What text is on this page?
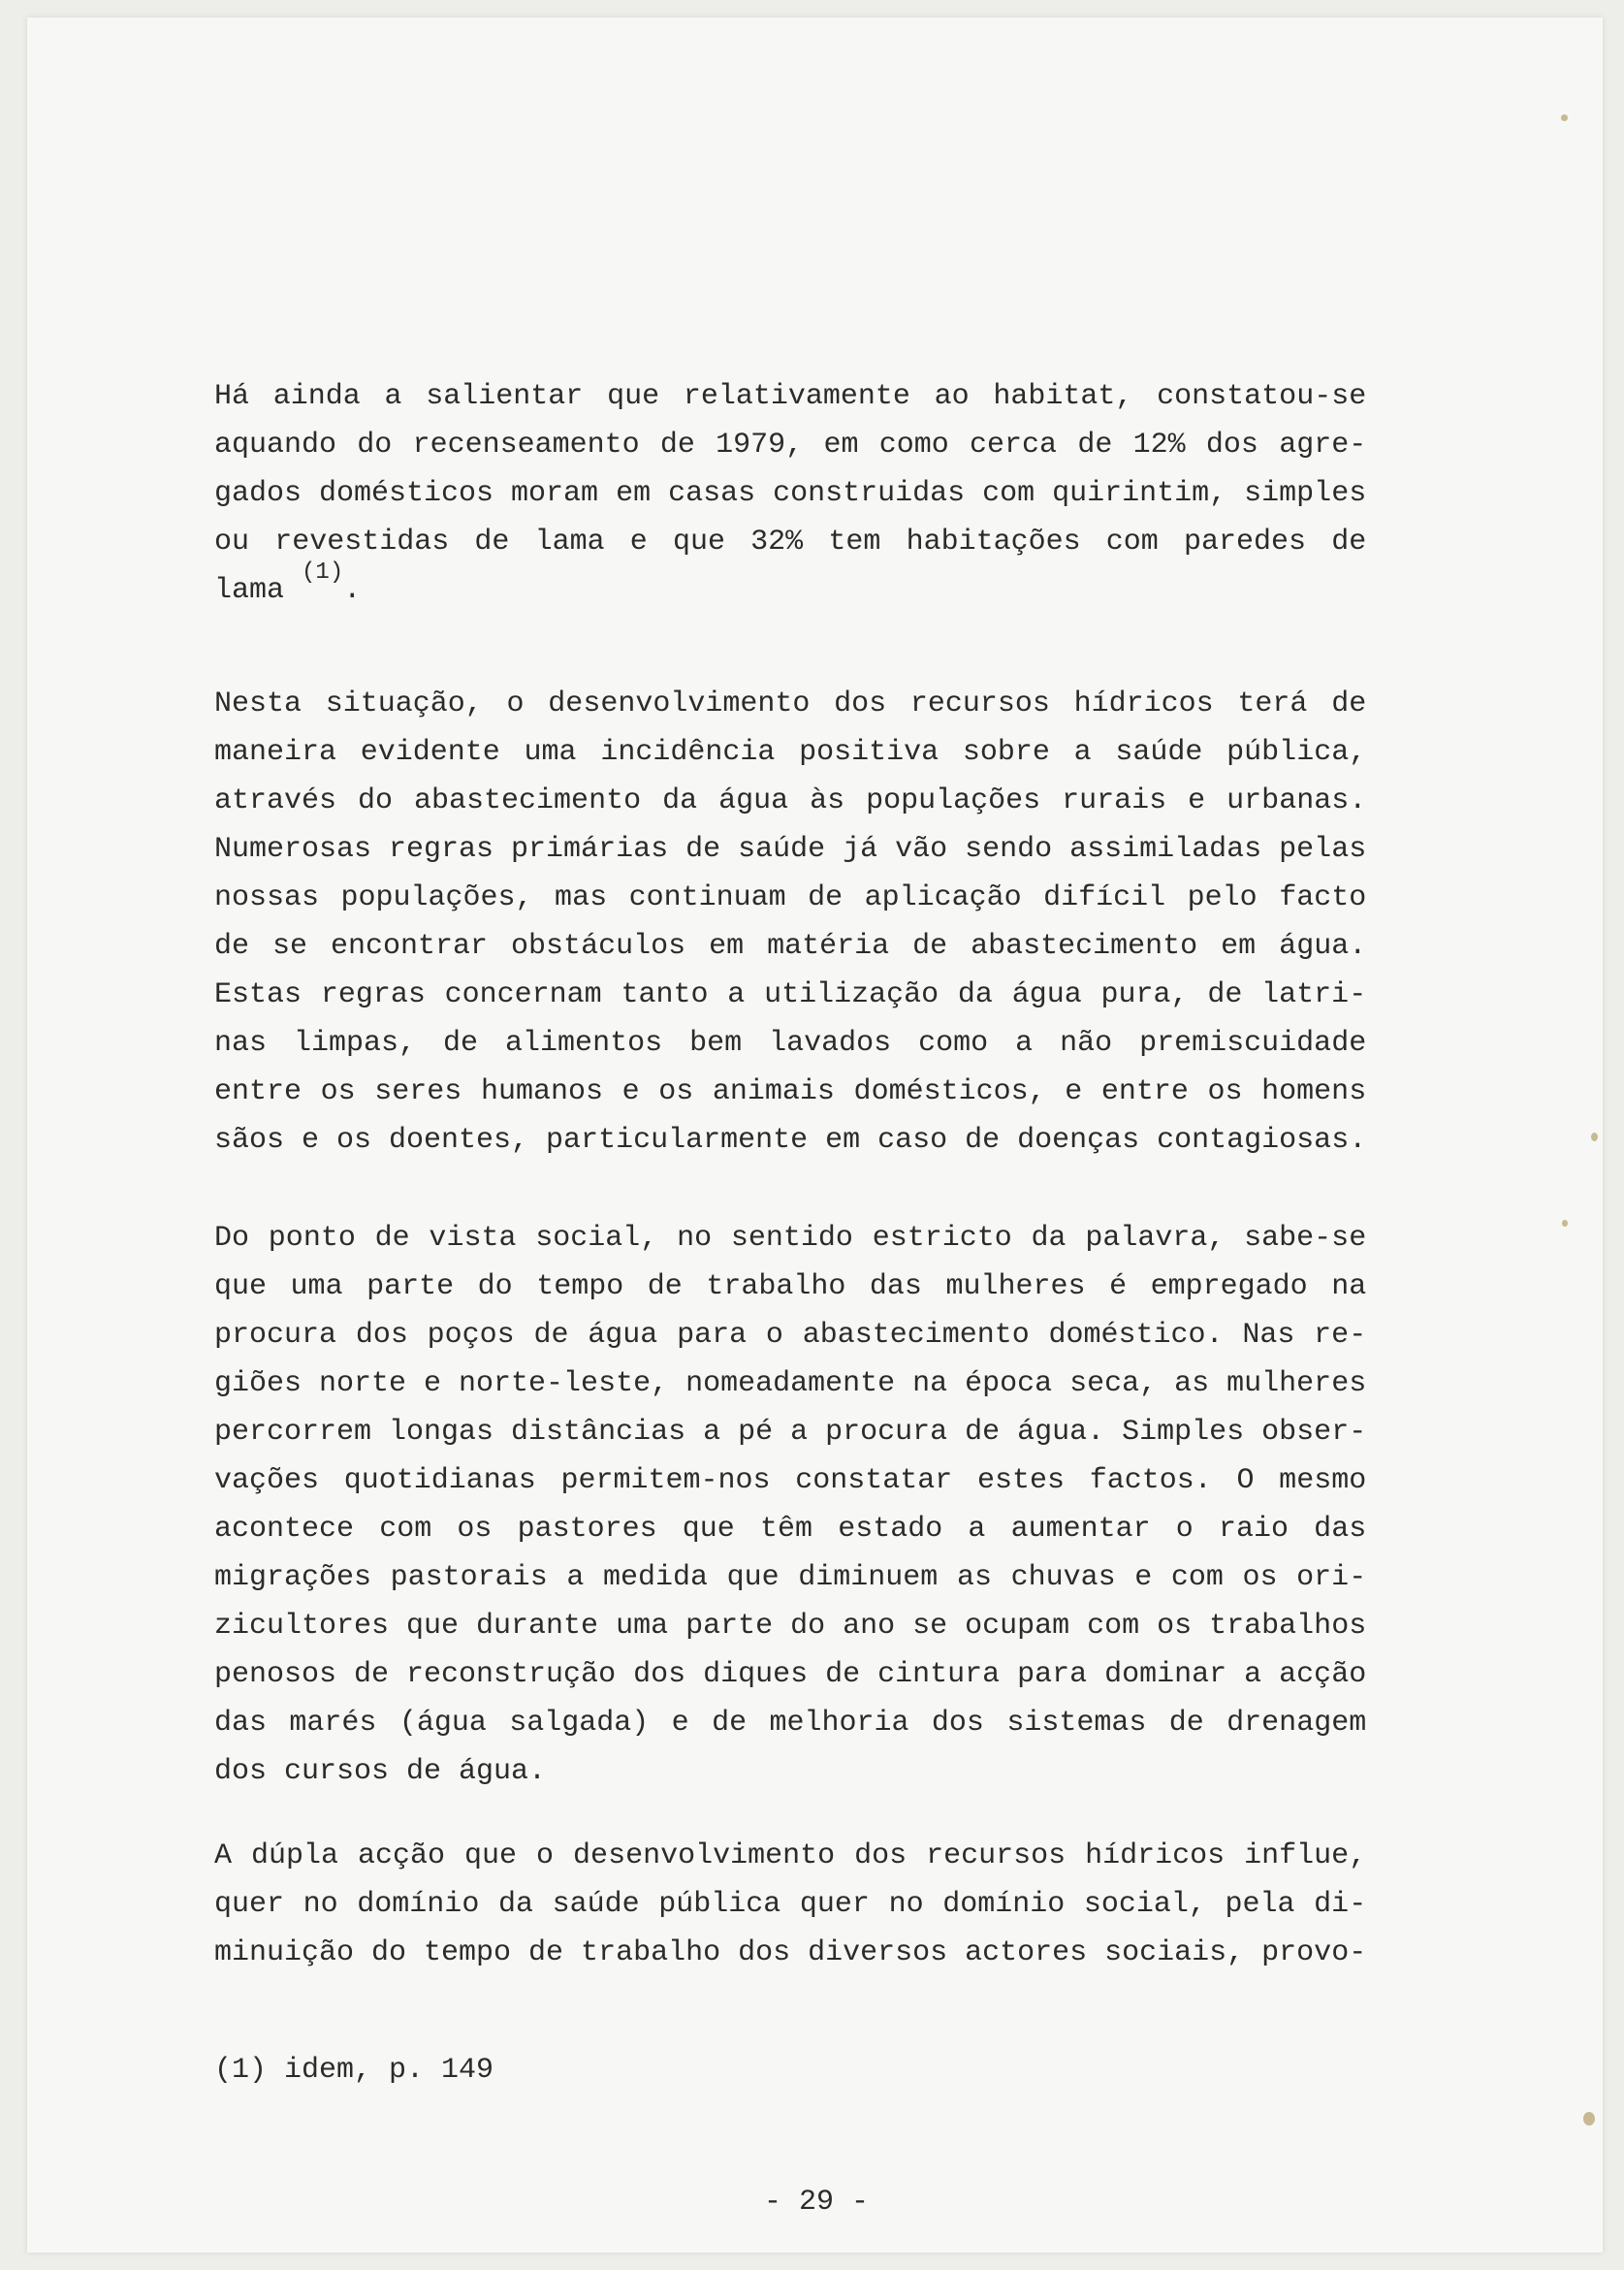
Há ainda a salientar que relativamente ao habitat, constatou-se
aquando do recenseamento de 1979, em como cerca de 12% dos agre-
gados domésticos moram em casas construidas com quirintim, simples
ou revestidas de lama e que 32% tem habitações com paredes de
lama $^{(1)}$.
Nesta situação, o desenvolvimento dos recursos hídricos terá de
maneira evidente uma incidência positiva sobre a saúde pública,
através do abastecimento da água às populações rurais e urbanas.
Numerosas regras primárias de saúde já vão sendo assimiladas pelas
nossas populações, mas continuam de aplicação difícil pelo facto
de se encontrar obstáculos em matéria de abastecimento em água.
Estas regras concernam tanto a utilização da água pura, de latri-
nas limpas, de alimentos bem lavados como a não premiscuidade
entre os seres humanos e os animais domésticos, e entre os homens
sãos e os doentes, particularmente em caso de doenças contagiosas.
Do ponto de vista social, no sentido estricto da palavra, sabe-se
que uma parte do tempo de trabalho das mulheres é empregado na
procura dos poços de água para o abastecimento doméstico. Nas re-
giões norte e norte-leste, nomeadamente na época seca, as mulheres
percorrem longas distâncias a pé a procura de água. Simples obser-
vações quotidianas permitem-nos constatar estes factos. O mesmo
acontece com os pastores que têm estado a aumentar o raio das
migrações pastorais a medida que diminuem as chuvas e com os ori-
zicultores que durante uma parte do ano se ocupam com os trabalhos
penosos de reconstrução dos diques de cintura para dominar a acção
das marés (água salgada) e de melhoria dos sistemas de drenagem
dos cursos de água.
A dúpla acção que o desenvolvimento dos recursos hídricos influe,
quer no domínio da saúde pública quer no domínio social, pela di-
minuição do tempo de trabalho dos diversos actores sociais, provo-
(1) idem, p. 149
- 29 -
